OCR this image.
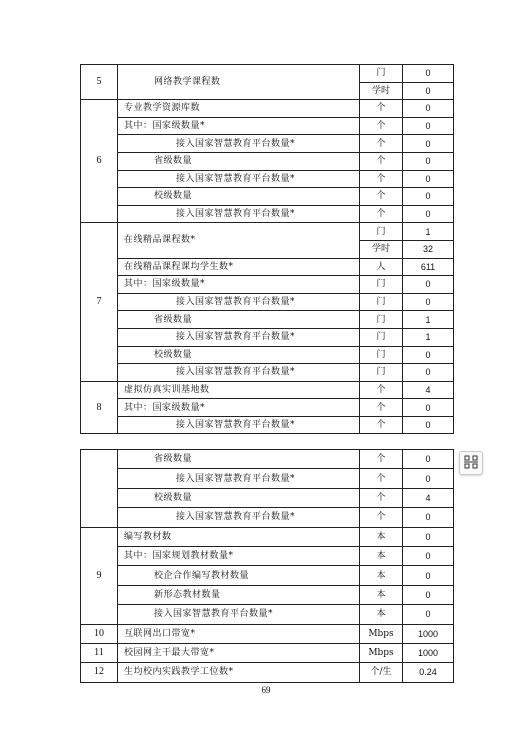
5	网络教学课程数	门	0
		学时	0
6	专业教学资源库数	个	0
	其中：国家级数量*	个	0
	接入国家智慧教育平台数量*	个	0
	省级数量	个	0
	接入国家智慧教育平台数量*	个	0
	校级数量	个	0
	接入国家智慧教育平台数量*	个	0
7	在线精品课程数*	门	1
		学时	32
	在线精品课程课均学生数*	人	611
	其中：国家级数量*	门	0
	接入国家智慧教育平台数量*	门	0
	省级数量	门	1
	接入国家智慧教育平台数量*	门	1
	校级数量	门	0
	接入国家智慧教育平台数量*	门	0
8	虚拟仿真实训基地数	个	4
	其中：国家级数量*	个	0
	接入国家智慧教育平台数量*	个	0
	省级数量	个	0
	接入国家智慧教育平台数量*	个	0
	校级数量	个	4
	接入国家智慧教育平台数量*	个	0
9	编写教材数	本	0
	其中：国家规划教材数量*	本	0
	校企合作编写教材数量	本	0
	新形态教材数量	本	0
	接入国家智慧教育平台数量*	本	0
10	互联网出口带宽*	Mbps	1000
11	校园网主干最大带宽*	Mbps	1000
12	生均校内实践教学工位数*	个/生	0.24
69
